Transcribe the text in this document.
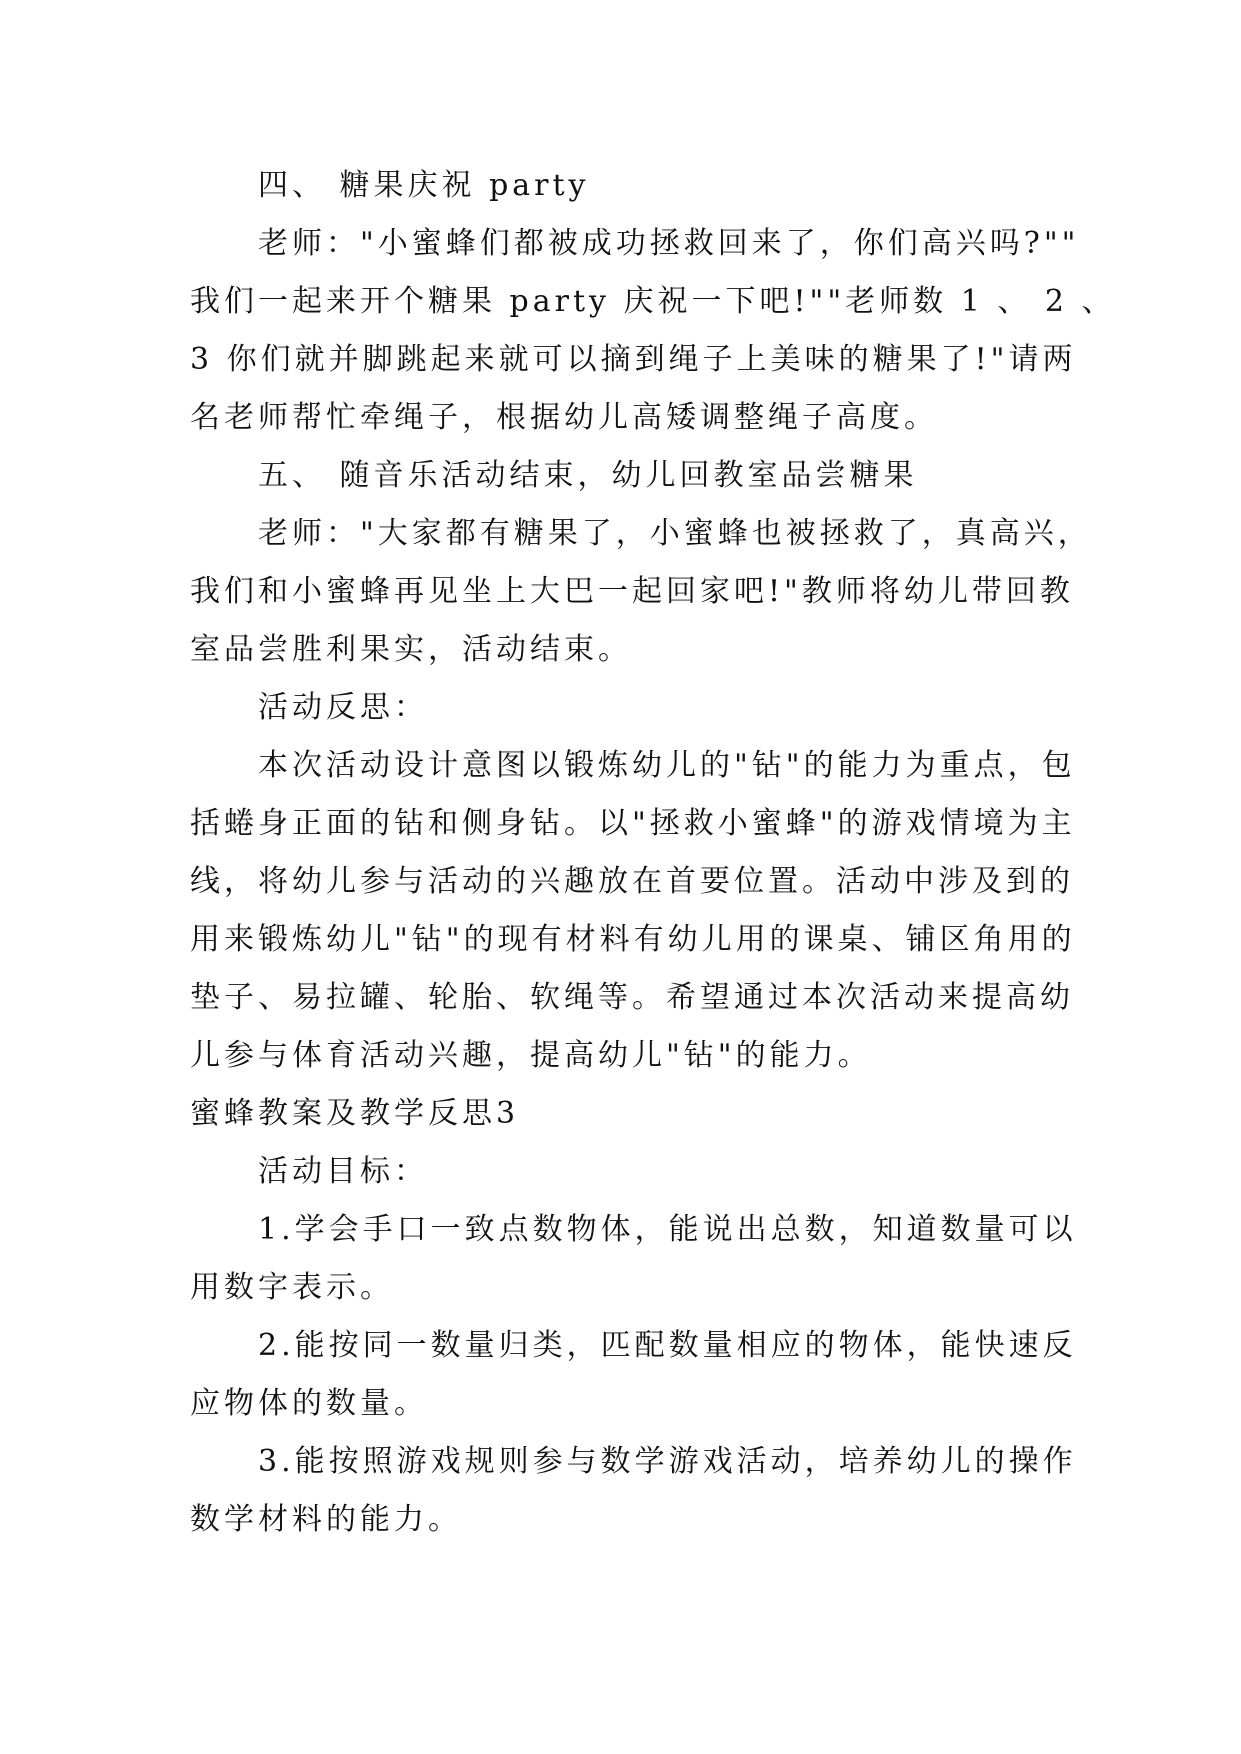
四、 糖果庆祝 party
老师："小蜜蜂们都被成功拯救回来了，你们高兴吗?""
我们一起来开个糖果 party 庆祝一下吧!""老师数 1 、 2 、
3 你们就并脚跳起来就可以摘到绳子上美味的糖果了!"请两
名老师帮忙牵绳子，根据幼儿高矮调整绳子高度。
五、 随音乐活动结束，幼儿回教室品尝糖果
老师："大家都有糖果了，小蜜蜂也被拯救了，真高兴，
我们和小蜜蜂再见坐上大巴一起回家吧!"教师将幼儿带回教
室品尝胜利果实，活动结束。
活动反思：
本次活动设计意图以锻炼幼儿的"钻"的能力为重点，包
括蜷身正面的钻和侧身钻。以"拯救小蜜蜂"的游戏情境为主
线，将幼儿参与活动的兴趣放在首要位置。活动中涉及到的
用来锻炼幼儿"钻"的现有材料有幼儿用的课桌、铺区角用的
垫子、易拉罐、轮胎、软绳等。希望通过本次活动来提高幼
儿参与体育活动兴趣，提高幼儿"钻"的能力。
蜜蜂教案及教学反思3
活动目标：
1.学会手口一致点数物体，能说出总数，知道数量可以
用数字表示。
2.能按同一数量归类，匹配数量相应的物体，能快速反
应物体的数量。
3.能按照游戏规则参与数学游戏活动，培养幼儿的操作
数学材料的能力。
